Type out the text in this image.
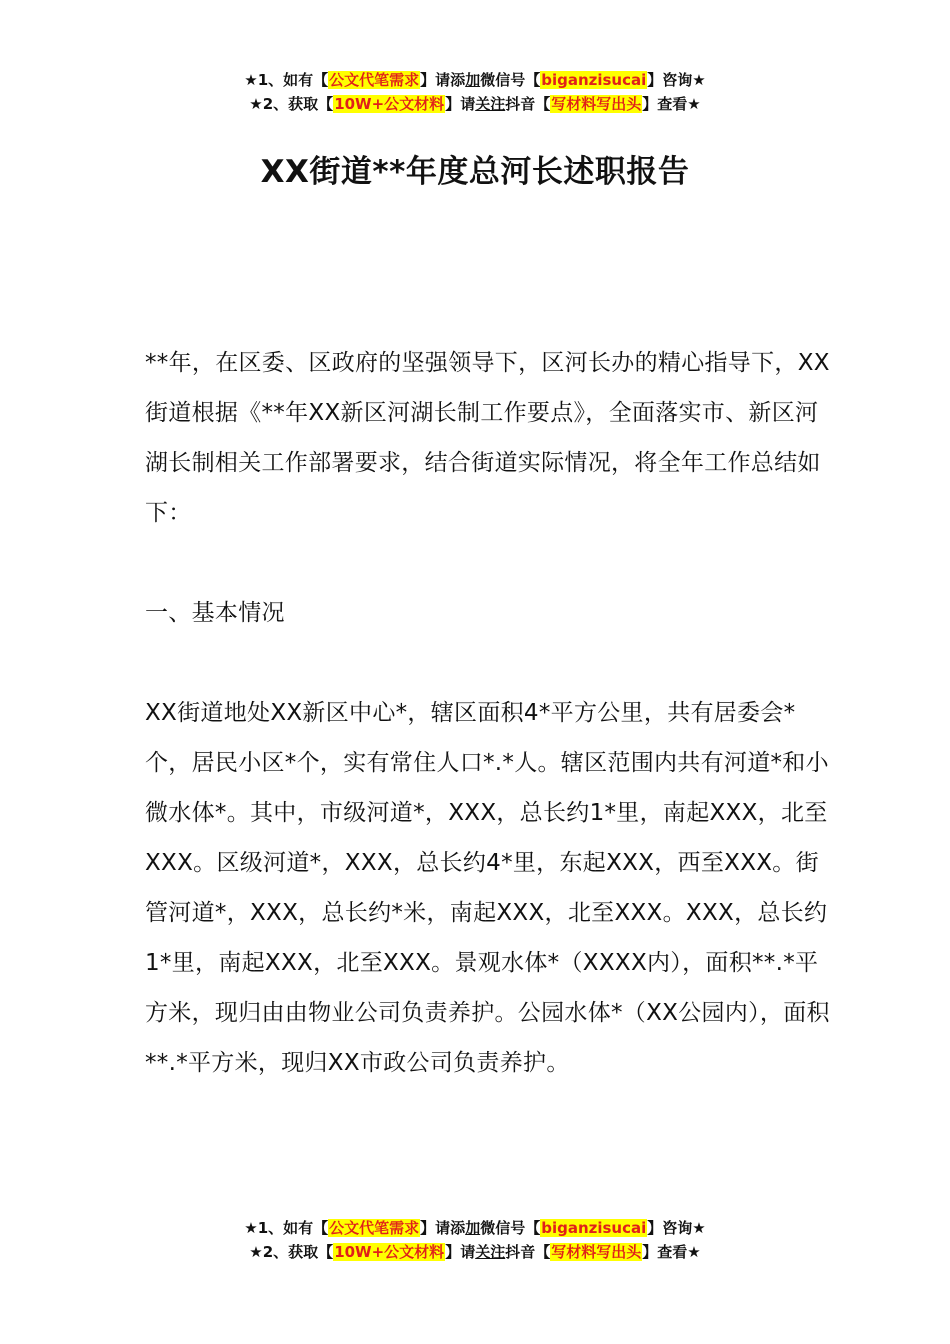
★1、如有【公文代笔需求】请添加微信号【biganzisucai】咨询★
★2、获取【10W+公文材料】请关注抖音【写材料写出头】查看★
XX街道**年度总河长述职报告

**年，在区委、区政府的坚强领导下，区河长办的精心指导下，XX街道根据《**年XX新区河湖长制工作要点》，全面落实市、新区河湖长制相关工作部署要求，结合街道实际情况，将全年工作总结如下：

一、基本情况

XX街道地处XX新区中心*，辖区面积4*平方公里，共有居委会*个，居民小区*个，实有常住人口*.*人。辖区范围内共有河道*和小微水体*。其中，市级河道*，XXX，总长约1*里，南起XXX，北至XXX。区级河道*，XXX，总长约4*里，东起XXX，西至XXX。街管河道*，XXX，总长约*米，南起XXX，北至XXX。XXX，总长约1*里，南起XXX，北至XXX。景观水体*（XXXX内），面积**.*平方米，现归由由物业公司负责养护。公园水体*（XX公园内），面积**.*平方米，现归XX市政公司负责养护。

★1、如有【公文代笔需求】请添加微信号【biganzisucai】咨询★
★2、获取【10W+公文材料】请关注抖音【写材料写出头】查看★
